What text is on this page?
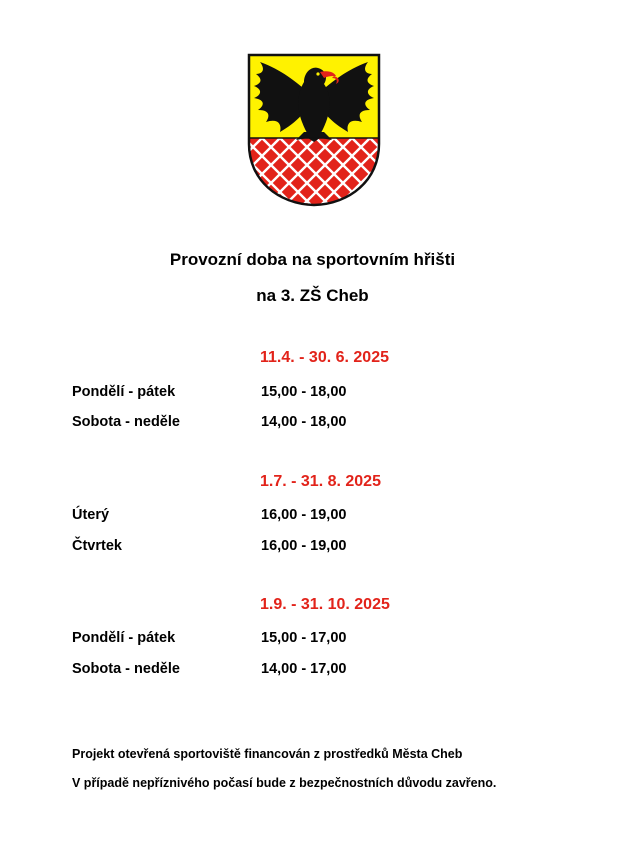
Provozní doba na sportovním hřišti
na 3. ZŠ Cheb
11.4. - 30. 6. 2025
Pondělí - pátek	15,00 - 18,00
Sobota - neděle	14,00 - 18,00
1.7. - 31. 8. 2025
Úterý	16,00 - 19,00
Čtvrtek	16,00 - 19,00
1.9. - 31. 10. 2025
Pondělí - pátek	15,00 - 17,00
Sobota - neděle	14,00 - 17,00
Projekt otevřená sportoviště financován z prostředků Města Cheb
V případě nepříznivého počasí bude z bezpečnostních důvodu zavřeno.
